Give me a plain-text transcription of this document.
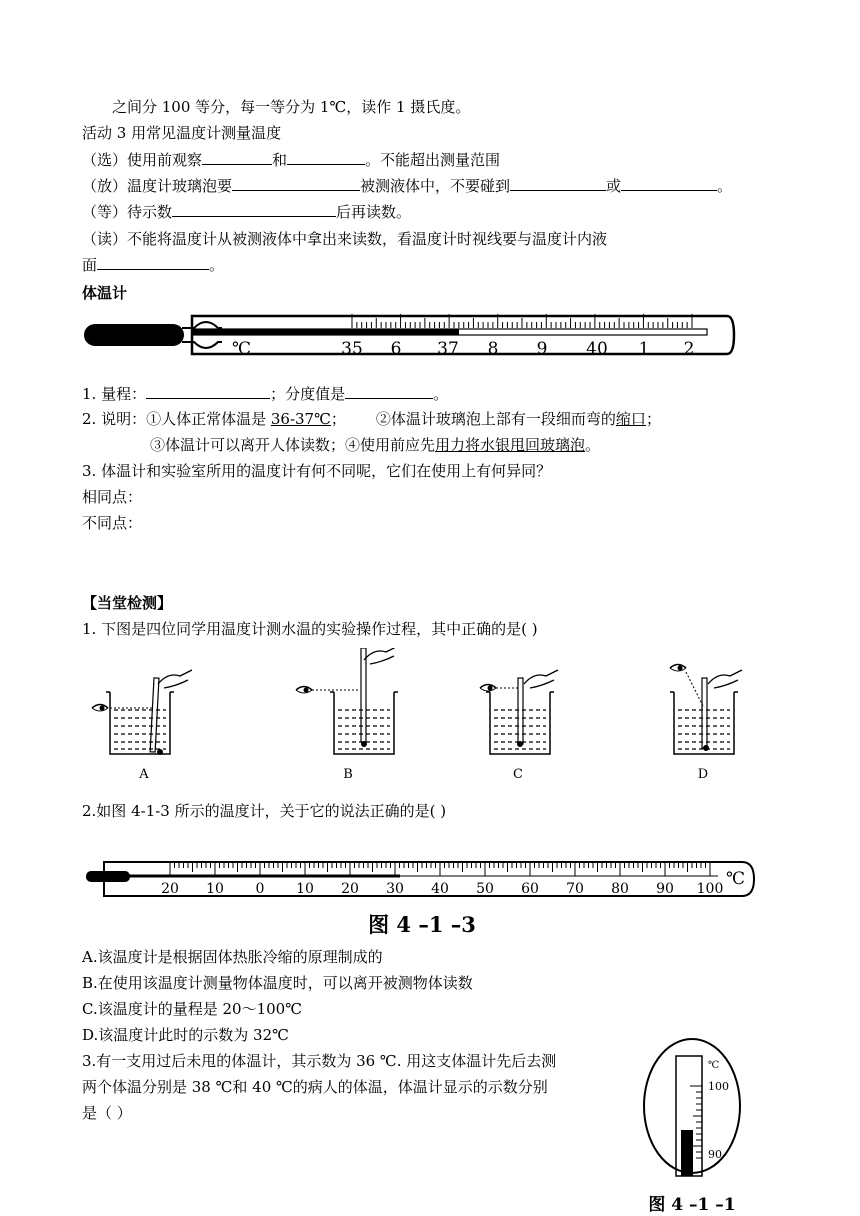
之间分 100 等分，每一等分为 1℃，读作 1 摄氏度。
活动 3 用常见温度计测量温度
（选）使用前观察	和	。不能超出测量范围
（放）温度计玻璃泡要	被测液体中，不要碰到	或	。
（等）待示数	后再读数。
（读）不能将温度计从被测液体中拿出来读数，看温度计时视线要与温度计内液
面	。
体温计
℃	35 6 37 8 9 40 1 2
1. 量程：	；分度值是	。
2. 说明：①人体正常体温是 36-37℃； ②体温计玻璃泡上部有一段细而弯的缩口；
③体温计可以离开人体读数；④使用前应先用力将水银甩回玻璃泡。
3. 体温计和实验室所用的温度计有何不同呢，它们在使用上有何异同？
相同点：
不同点：
【当堂检测】
1. 下图是四位同学用温度计测水温的实验操作过程，其中正确的是( )
A	B	C	D
2.如图 4-1-3 所示的温度计，关于它的说法正确的是( )
℃
图 4 –1 –3
20 10 0 10 20 30 40 50 60 70 80 90 100
A.该温度计是根据固体热胀冷缩的原理制成的
B.在使用该温度计测量物体温度时，可以离开被测物体读数
C.该温度计的量程是 20～100℃
D.该温度计此时的示数为 32℃
3.有一支用过后未甩的体温计，其示数为 36 ℃. 用这支体温计先后去测
两个体温分别是 38 ℃和 40 ℃的病人的体温，体温计显示的示数分别
是（ ）
℃
100
90
图 4 –1 –1
